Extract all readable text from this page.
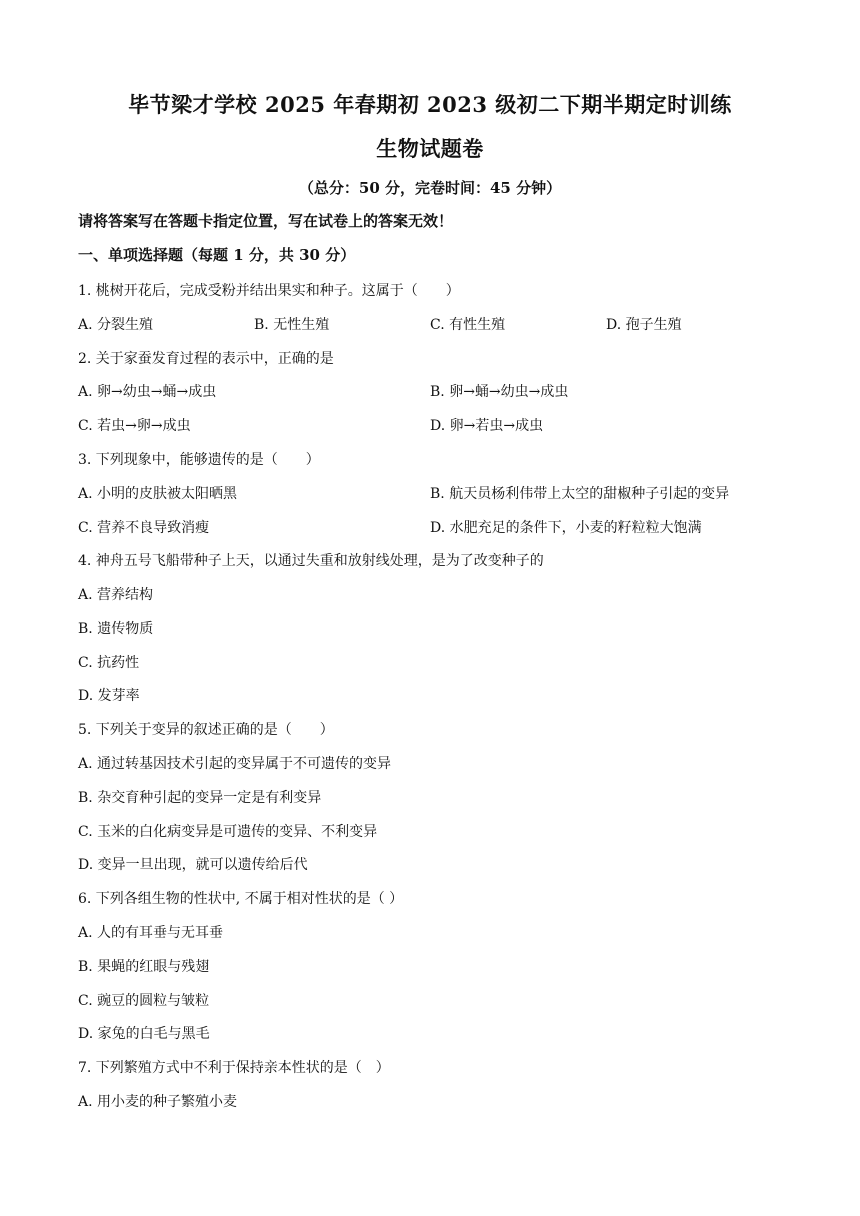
毕节梁才学校 2025 年春期初 2023 级初二下期半期定时训练
生物试题卷
（总分：50 分，完卷时间：45 分钟）
请将答案写在答题卡指定位置，写在试卷上的答案无效！
一、单项选择题（每题 1 分，共 30 分）
1. 桃树开花后，完成受粉并结出果实和种子。这属于（　　）
A. 分裂生殖	B. 无性生殖	C. 有性生殖	D. 孢子生殖
2. 关于家蚕发育过程的表示中，正确的是
A. 卵→幼虫→蛹→成虫	B. 卵→蛹→幼虫→成虫
C. 若虫→卵→成虫	D. 卵→若虫→成虫
3. 下列现象中，能够遗传的是（　　）
A. 小明的皮肤被太阳晒黑	B. 航天员杨利伟带上太空的甜椒种子引起的变异
C. 营养不良导致消瘦	D. 水肥充足的条件下，小麦的籽粒粒大饱满
4. 神舟五号飞船带种子上天，以通过失重和放射线处理，是为了改变种子的
A. 营养结构
B. 遗传物质
C. 抗药性
D. 发芽率
5. 下列关于变异的叙述正确的是（　　）
A. 通过转基因技术引起的变异属于不可遗传的变异
B. 杂交育种引起的变异一定是有利变异
C. 玉米的白化病变异是可遗传的变异、不利变异
D. 变异一旦出现，就可以遗传给后代
6. 下列各组生物的性状中, 不属于相对性状的是（ ）
A. 人的有耳垂与无耳垂
B. 果蝇的红眼与残翅
C. 豌豆的圆粒与皱粒
D. 家兔的白毛与黑毛
7. 下列繁殖方式中不利于保持亲本性状的是（　）
A. 用小麦的种子繁殖小麦
